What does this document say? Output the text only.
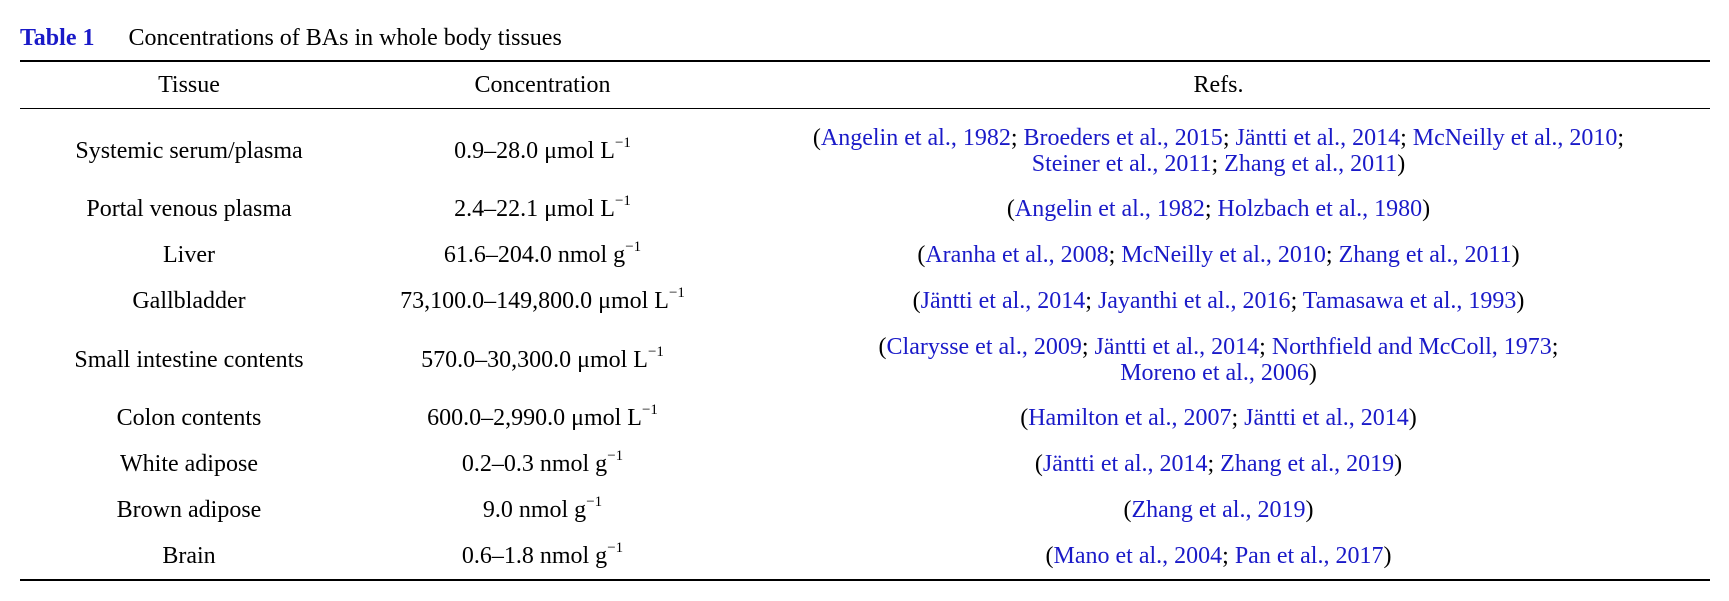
Table 1 Concentrations of BAs in whole body tissues
Tissue	Concentration	Refs.
Systemic serum/plasma	0.9–28.0 μmol $L^{-1}$	(Angelin et al., 1982; Broeders et al., 2015; Jäntti et al., 2014; McNeilly et al., 2010;
Steiner et al., 2011; Zhang et al., 2011)

Portal venous plasma	2.4–22.1 μmol $L^{-1}$	(Angelin et al., 1982; Holzbach et al., 1980)

Liver	61.6–204.0 nmol $g^{-1}$	(Aranha et al., 2008; McNeilly et al., 2010; Zhang et al., 2011)

Gallbladder	73,100.0–149,800.0 μmol $L^{-1}$	(Jäntti et al., 2014; Jayanthi et al., 2016; Tamasawa et al., 1993)

Small intestine contents	570.0–30,300.0 μmol $L^{-1}$	(Clarysse et al., 2009; Jäntti et al., 2014; Northfield and McColl, 1973;
Moreno et al., 2006)

Colon contents	600.0–2,990.0 μmol $L^{-1}$	(Hamilton et al., 2007; Jäntti et al., 2014)

White adipose	0.2–0.3 nmol $g^{-1}$	(Jäntti et al., 2014; Zhang et al., 2019)

Brown adipose	9.0 nmol $g^{-1}$	(Zhang et al., 2019)

Brain	0.6–1.8 nmol $g^{-1}$	(Mano et al., 2004; Pan et al., 2017)
